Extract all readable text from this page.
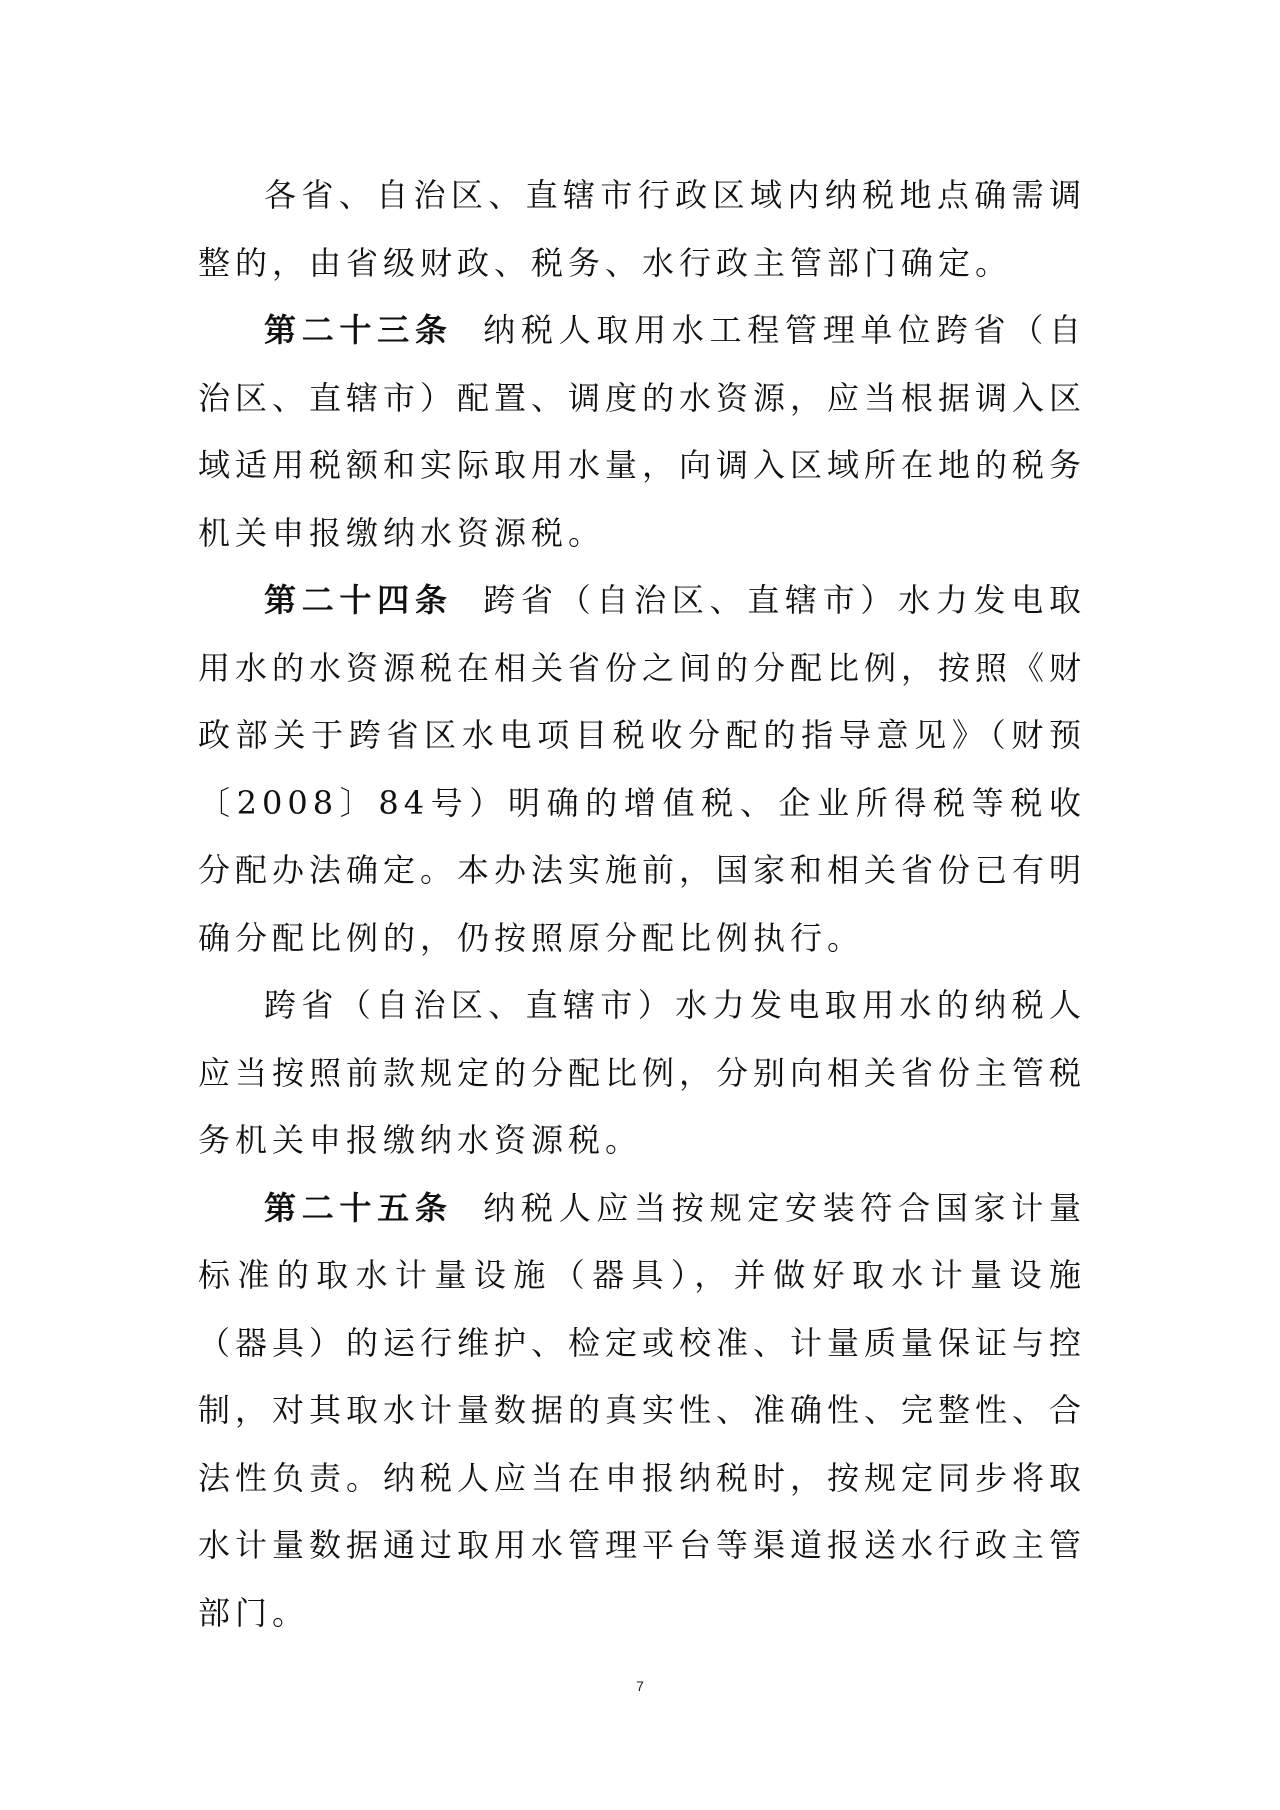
各省、自治区、直辖市行政区域内纳税地点确需调整的，由省级财政、税务、水行政主管部门确定。

第二十三条 纳税人取用水工程管理单位跨省（自治区、直辖市）配置、调度的水资源，应当根据调入区域适用税额和实际取用水量，向调入区域所在地的税务机关申报缴纳水资源税。

第二十四条 跨省（自治区、直辖市）水力发电取用水的水资源税在相关省份之间的分配比例，按照《财政部关于跨省区水电项目税收分配的指导意见》（财预〔2008〕84号）明确的增值税、企业所得税等税收分配办法确定。本办法实施前，国家和相关省份已有明确分配比例的，仍按照原分配比例执行。

跨省（自治区、直辖市）水力发电取用水的纳税人应当按照前款规定的分配比例，分别向相关省份主管税务机关申报缴纳水资源税。

第二十五条 纳税人应当按规定安装符合国家计量标准的取水计量设施（器具），并做好取水计量设施（器具）的运行维护、检定或校准、计量质量保证与控制，对其取水计量数据的真实性、准确性、完整性、合法性负责。纳税人应当在申报纳税时，按规定同步将取水计量数据通过取用水管理平台等渠道报送水行政主管部门。

7
